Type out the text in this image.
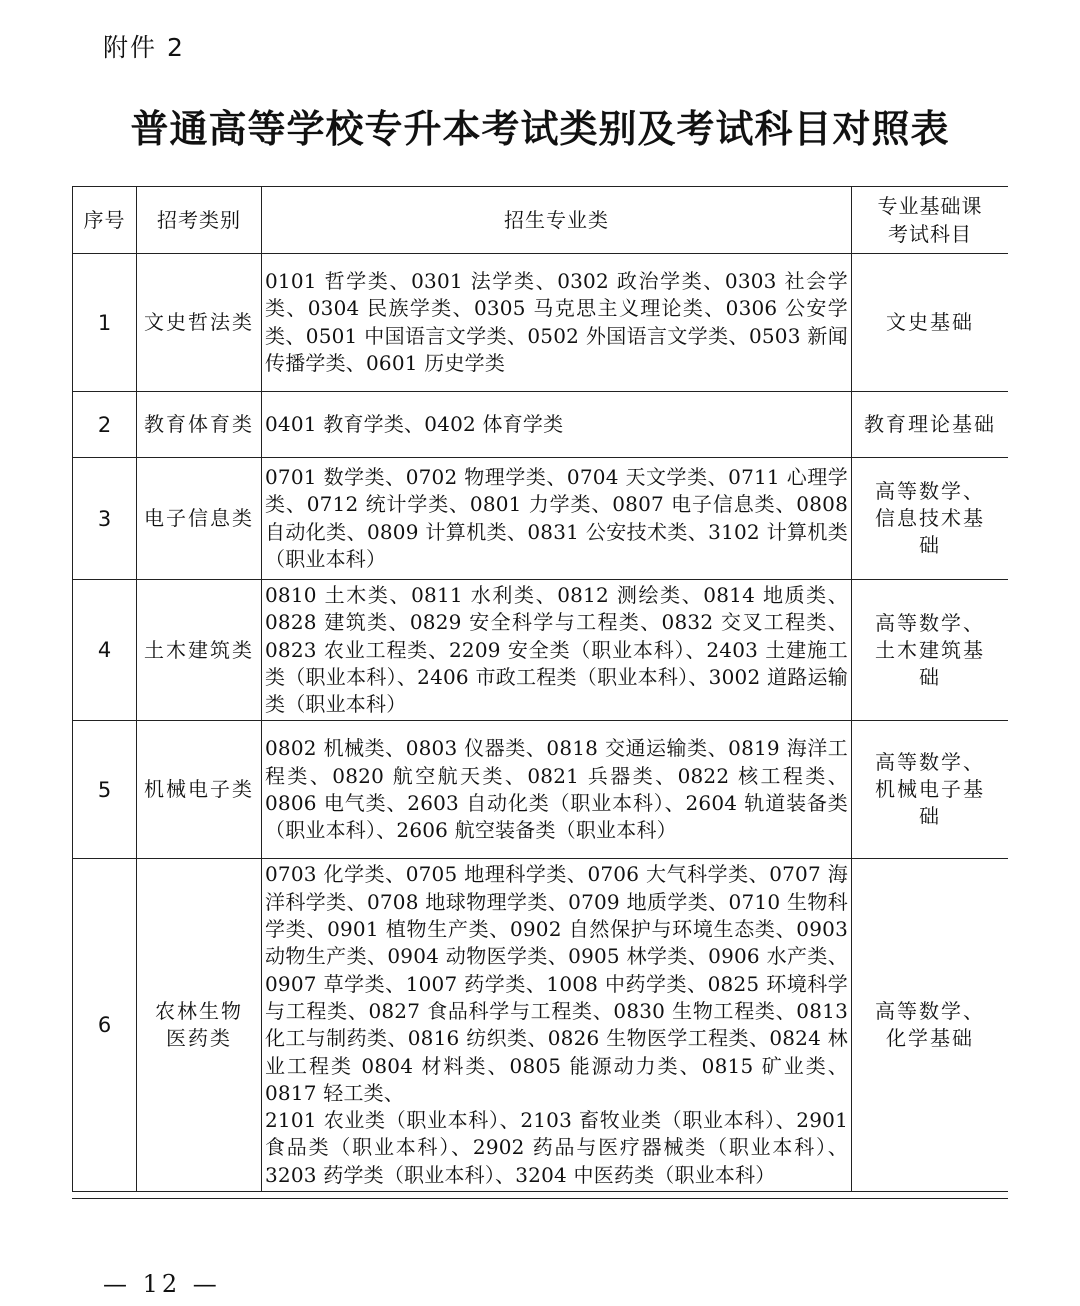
附件 2
普通高等学校专升本考试类别及考试科目对照表
序号	招考类别	招生专业类	专业基础课考试科目
1	文史哲法类	0101 哲学类、0301 法学类、0302 政治学类、0303 社会学类、0304 民族学类、0305 马克思主义理论类、0306 公安学类、0501 中国语言文学类、0502 外国语言文学类、0503 新闻传播学类、0601 历史学类	文史基础
2	教育体育类	0401 教育学类、0402 体育学类	教育理论基础
3	电子信息类	0701 数学类、0702 物理学类、0704 天文学类、0711 心理学类、0712 统计学类、0801 力学类、0807 电子信息类、0808 自动化类、0809 计算机类、0831 公安技术类、3102 计算机类（职业本科）	高等数学、信息技术基础
4	土木建筑类	0810 土木类、0811 水利类、0812 测绘类、0814 地质类、0828 建筑类、0829 安全科学与工程类、0832 交叉工程类、0823 农业工程类、2209 安全类（职业本科）、2403 土建施工类（职业本科）、2406 市政工程类（职业本科）、3002 道路运输类（职业本科）	高等数学、土木建筑基础
5	机械电子类	0802 机械类、0803 仪器类、0818 交通运输类、0819 海洋工程类、0820 航空航天类、0821 兵器类、0822 核工程类、0806 电气类、2603 自动化类（职业本科）、2604 轨道装备类（职业本科）、2606 航空装备类（职业本科）	高等数学、机械电子基础
6	农林生物医药类	0703 化学类、0705 地理科学类、0706 大气科学类、0707 海洋科学类、0708 地球物理学类、0709 地质学类、0710 生物科学类、0901 植物生产类、0902 自然保护与环境生态类、0903 动物生产类、0904 动物医学类、0905 林学类、0906 水产类、0907 草学类、1007 药学类、1008 中药学类、0825 环境科学与工程类、0827 食品科学与工程类、0830 生物工程类、0813 化工与制药类、0816 纺织类、0826 生物医学工程类、0824 林业工程类 0804 材料类、0805 能源动力类、0815 矿业类、0817 轻工类、
2101 农业类（职业本科）、2103 畜牧业类（职业本科）、2901 食品类（职业本科）、2902 药品与医疗器械类（职业本科）、3203 药学类（职业本科）、3204 中医药类（职业本科）	高等数学、化学基础
— 12 —
